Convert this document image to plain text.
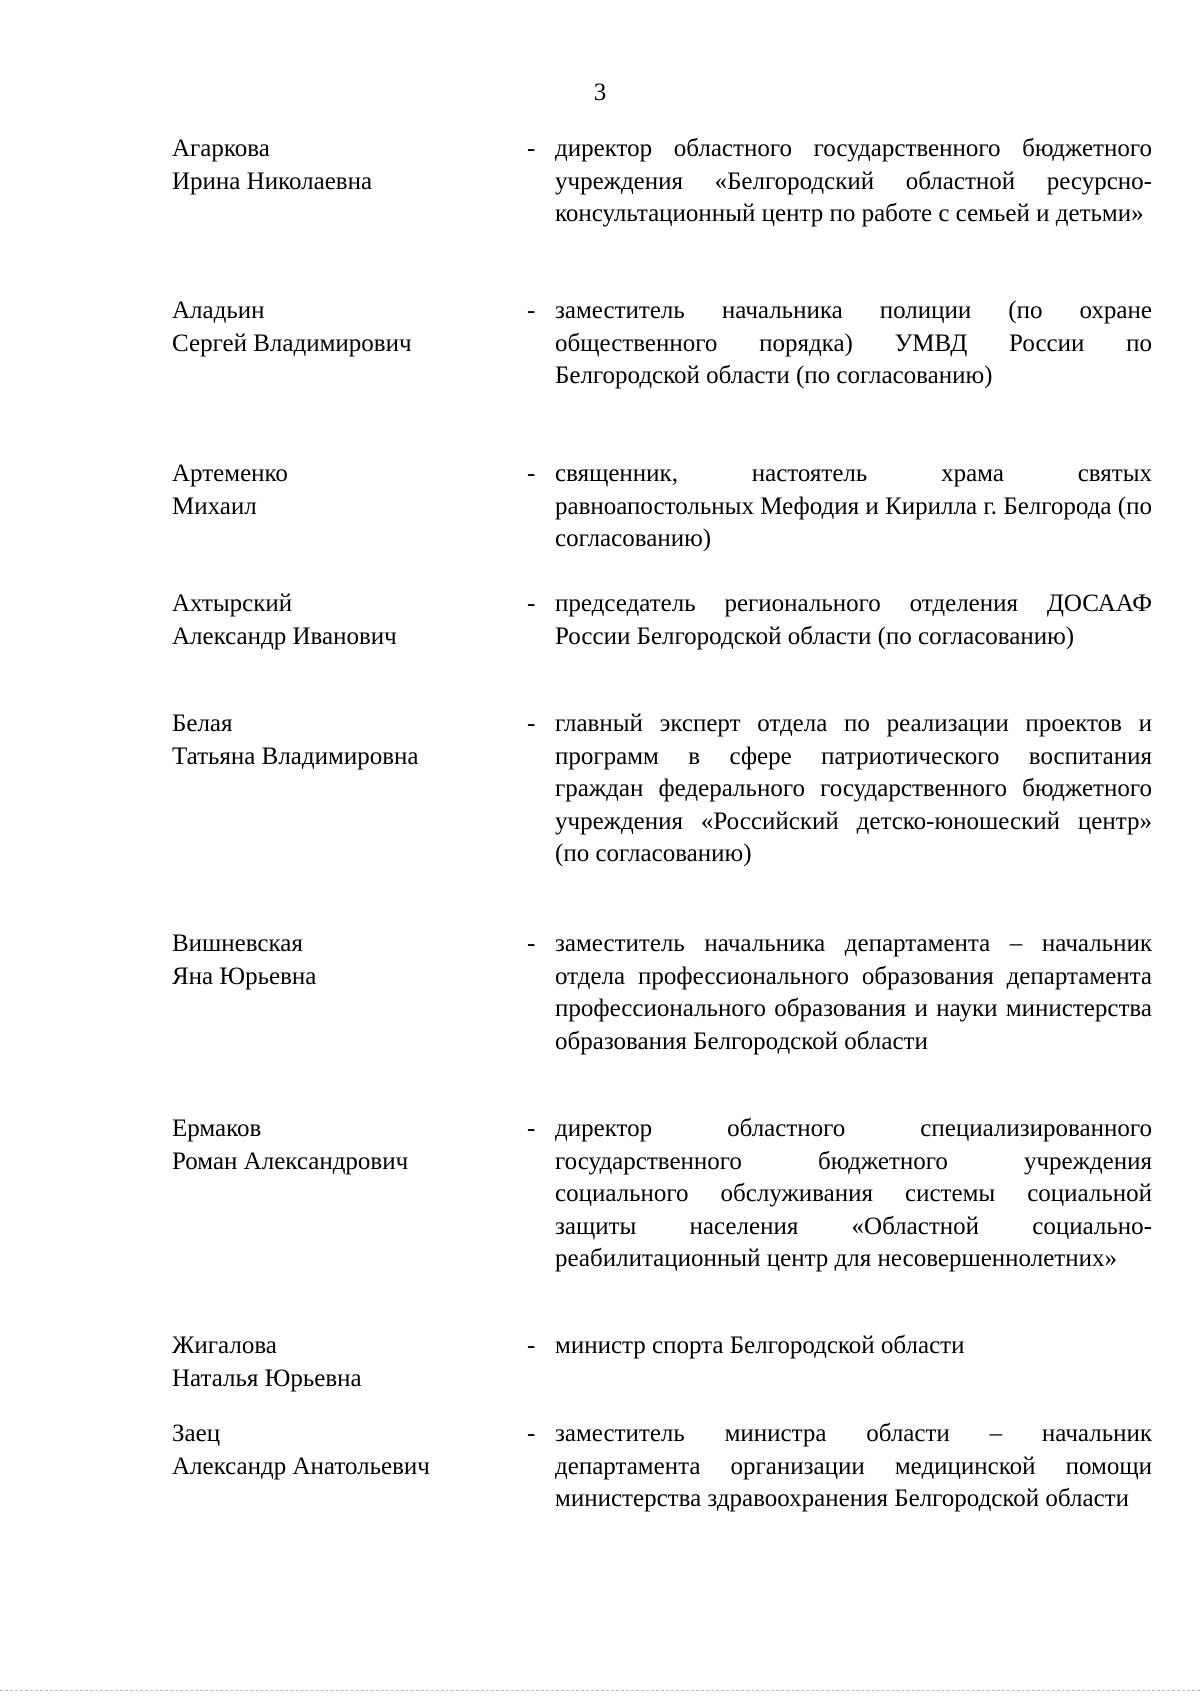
3
Агаркова
Ирина Николаевна
- директор областного государственного бюджетного учреждения «Белгородский областной ресурсно-консультационный центр по работе с семьей и детьми»
Аладьин
Сергей Владимирович
- заместитель начальника полиции (по охране общественного порядка) УМВД России по Белгородской области (по согласованию)
Артеменко
Михаил
- священник, настоятель храма святых равноапостольных Мефодия и Кирилла г. Белгорода (по согласованию)
Ахтырский
Александр Иванович
- председатель регионального отделения ДОСААФ России Белгородской области (по согласованию)
Белая
Татьяна Владимировна
- главный эксперт отдела по реализации проектов и программ в сфере патриотического воспитания граждан федерального государственного бюджетного учреждения «Российский детско-юношеский центр» (по согласованию)
Вишневская
Яна Юрьевна
- заместитель начальника департамента – начальник отдела профессионального образования департамента профессионального образования и науки министерства образования Белгородской области
Ермаков
Роман Александрович
- директор областного специализированного государственного бюджетного учреждения социального обслуживания системы социальной защиты населения «Областной социально-реабилитационный центр для несовершеннолетних»
Жигалова
Наталья Юрьевна
- министр спорта Белгородской области
Заец
Александр Анатольевич
- заместитель министра области – начальник департамента организации медицинской помощи министерства здравоохранения Белгородской области
